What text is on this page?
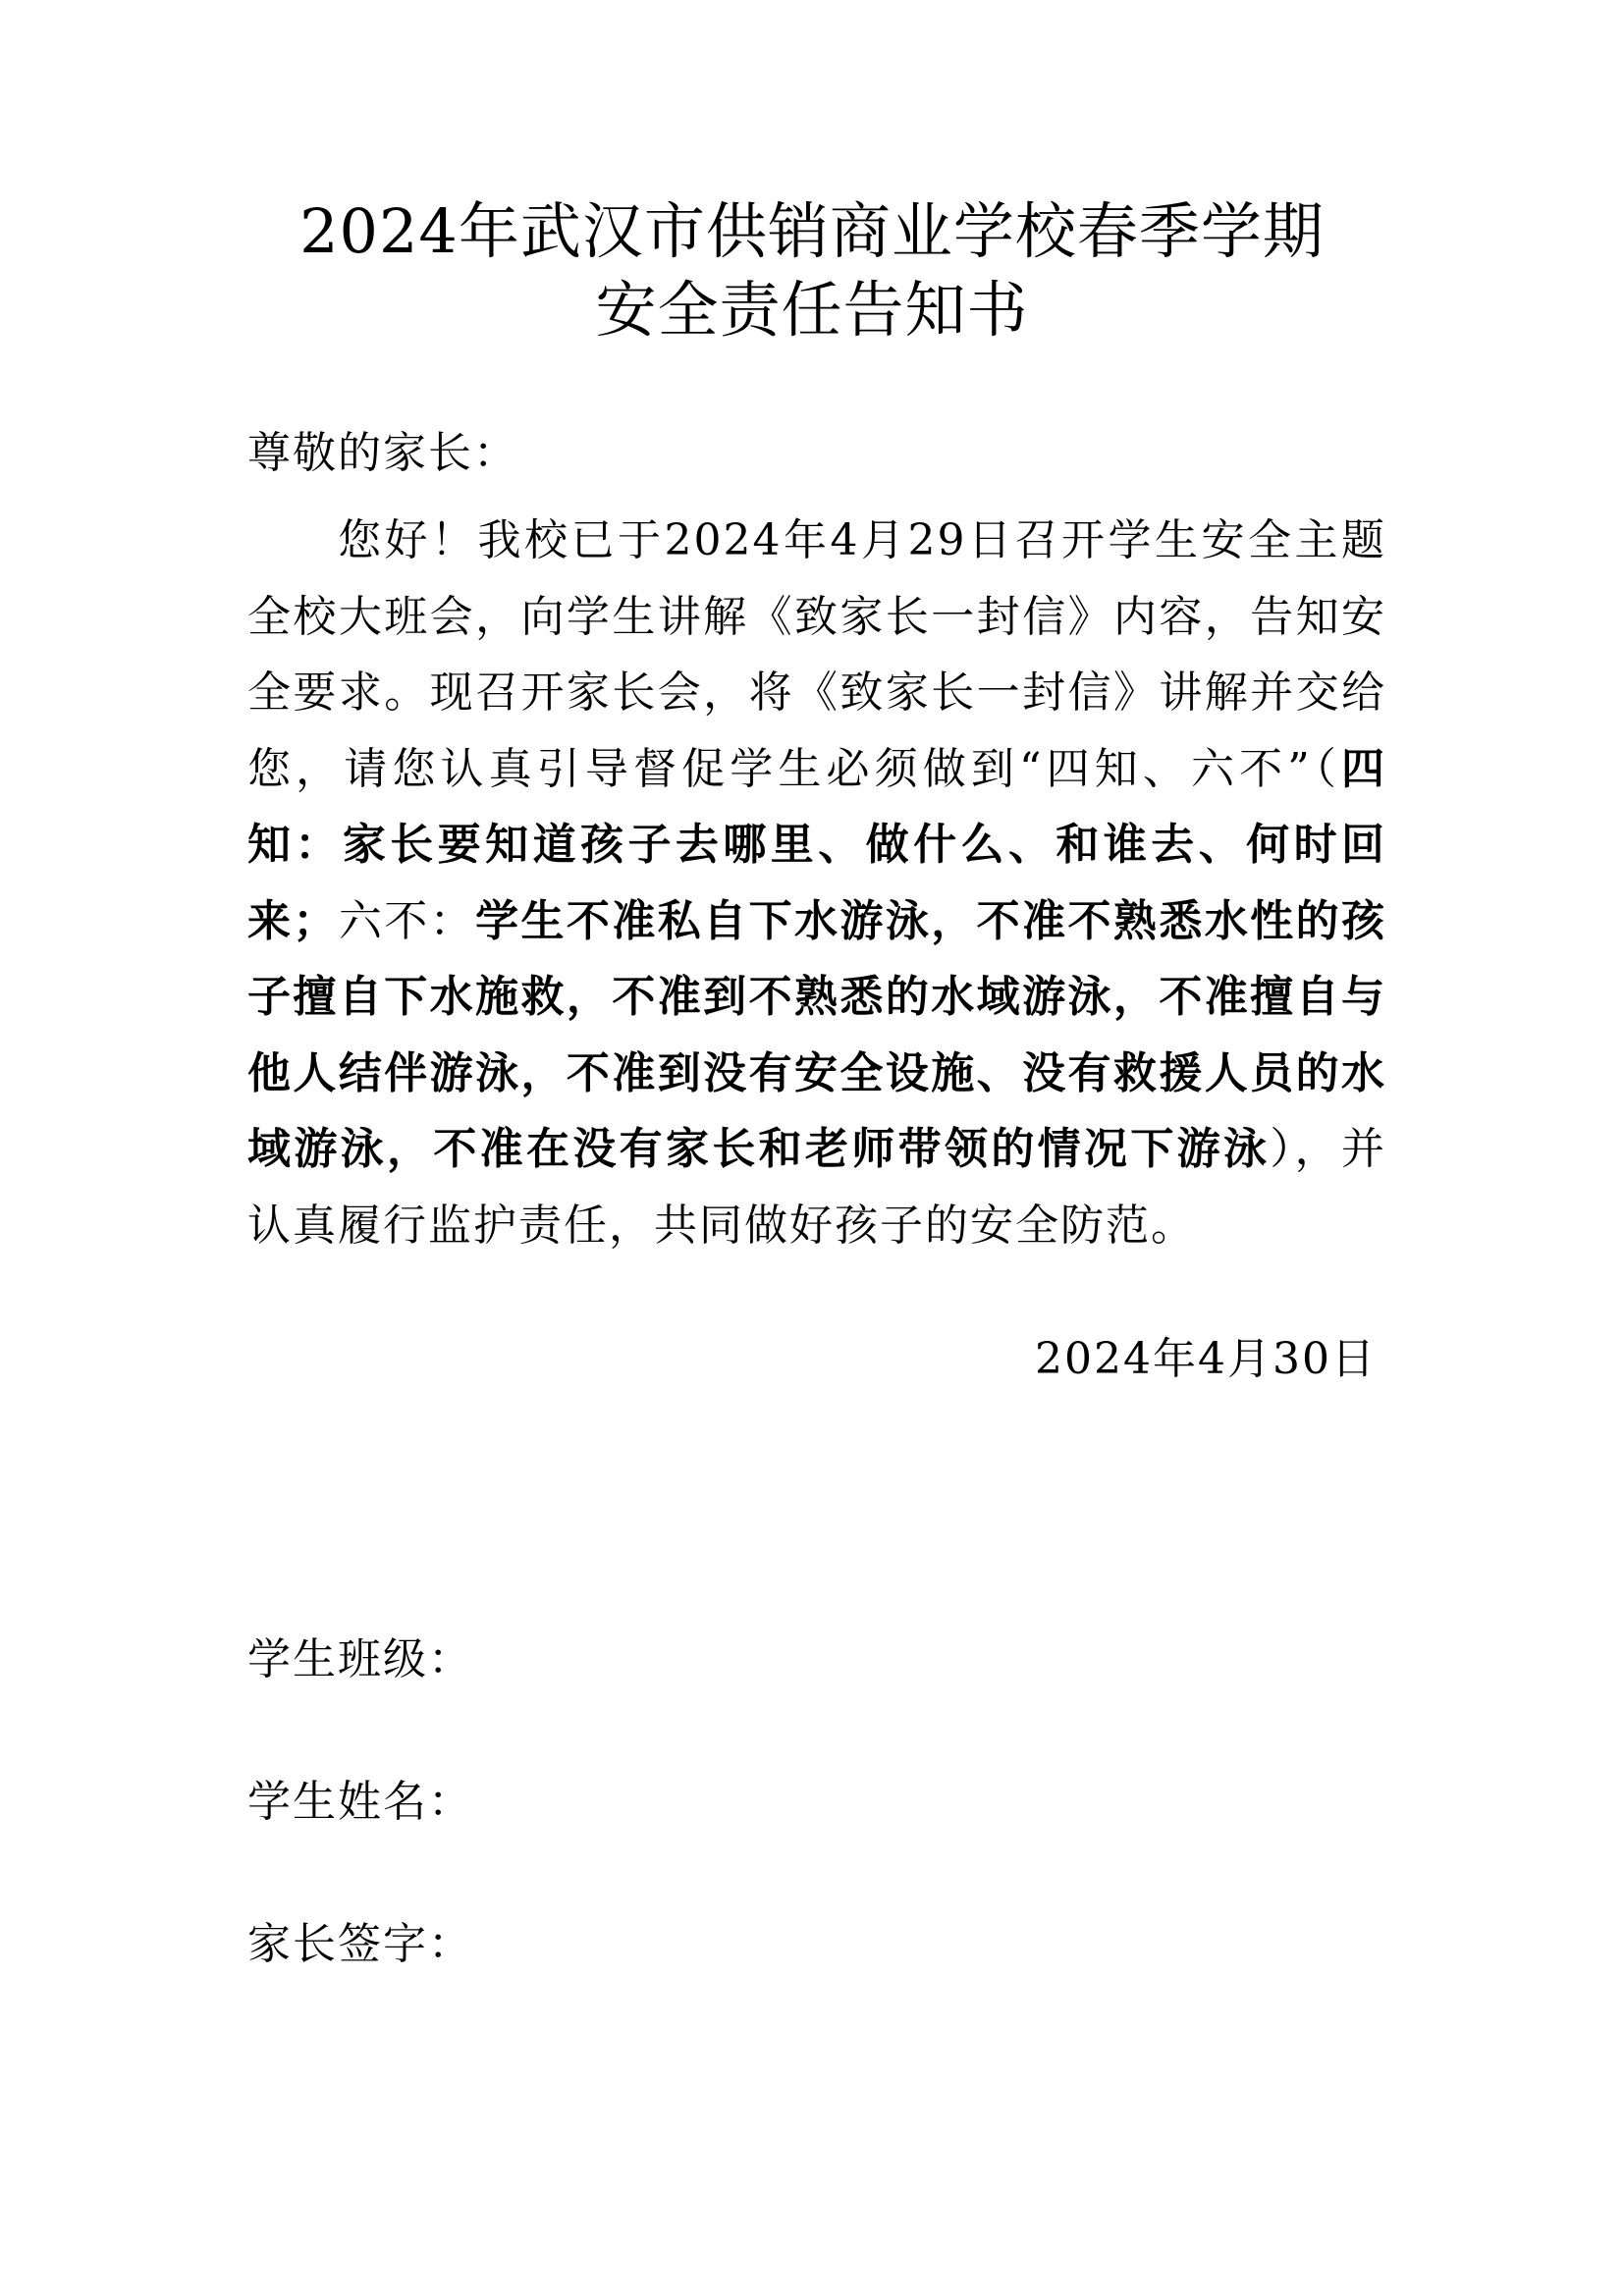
2024年武汉市供销商业学校春季学期
安全责任告知书
尊敬的家长：

您好！我校已于2024年4月29日召开学生安全主题全校大班会，向学生讲解《致家长一封信》内容，告知安全要求。现召开家长会，将《致家长一封信》讲解并交给您，请您认真引导督促学生必须做到“四知、六不”（四知：家长要知道孩子去哪里、做什么、和谁去、何时回来；六不：学生不准私自下水游泳，不准不熟悉水性的孩子擅自下水施救，不准到不熟悉的水域游泳，不准擅自与他人结伴游泳，不准到没有安全设施、没有救援人员的水域游泳，不准在没有家长和老师带领的情况下游泳），并认真履行监护责任，共同做好孩子的安全防范。

2024年4月30日
学生班级：
学生姓名：
家长签字：
